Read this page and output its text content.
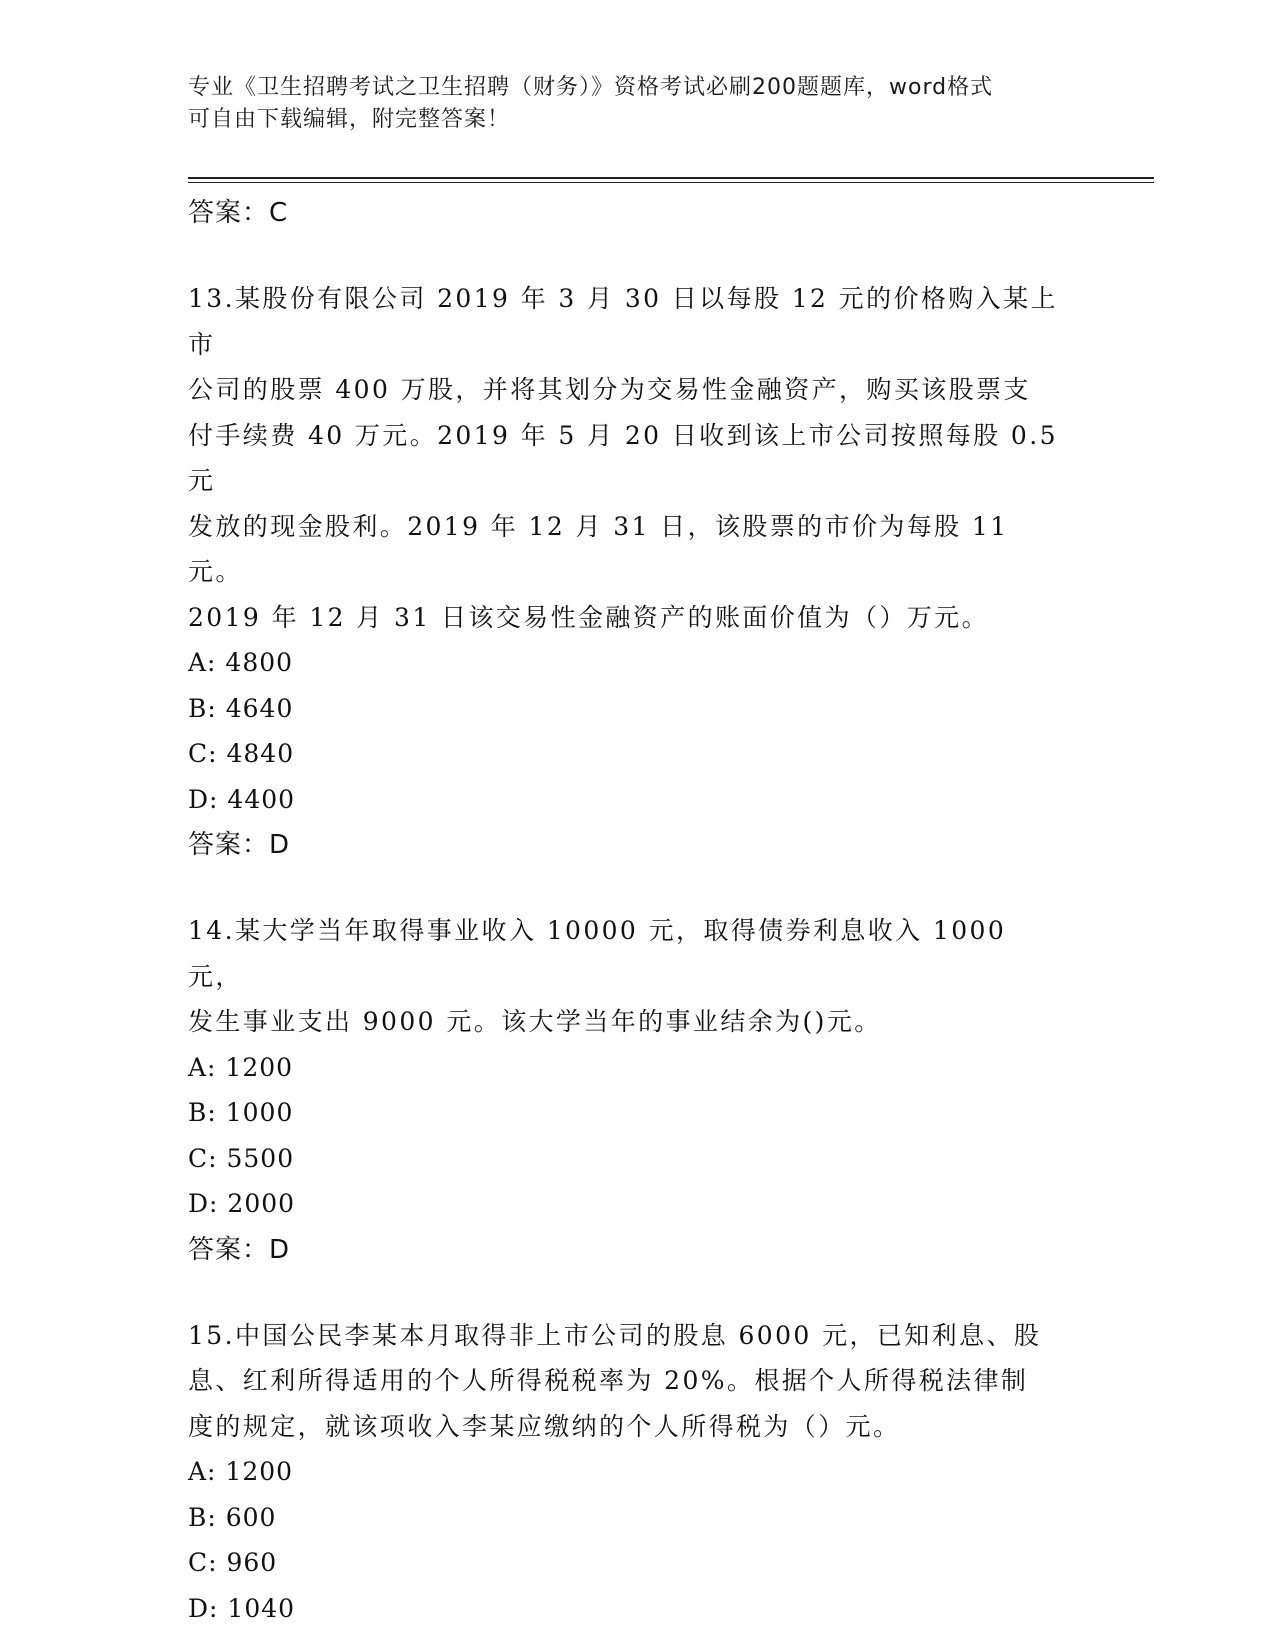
专业《卫生招聘考试之卫生招聘（财务）》资格考试必刷200题题库，word格式
可自由下载编辑，附完整答案！

答案：C

13.某股份有限公司 2019 年 3 月 30 日以每股 12 元的价格购入某上市

公司的股票 400 万股，并将其划分为交易性金融资产，购买该股票支

付手续费 40 万元。2019 年 5 月 20 日收到该上市公司按照每股 0.5 元

发放的现金股利。2019 年 12 月 31 日，该股票的市价为每股 11 元。

2019 年 12 月 31 日该交易性金融资产的账面价值为（）万元。

A: 4800

B: 4640

C: 4840

D: 4400

答案：D

14.某大学当年取得事业收入 10000 元，取得债券利息收入 1000 元，

发生事业支出 9000 元。该大学当年的事业结余为()元。

A: 1200

B: 1000

C: 5500

D: 2000

答案：D

15.中国公民李某本月取得非上市公司的股息 6000 元，已知利息、股

息、红利所得适用的个人所得税税率为 20%。根据个人所得税法律制

度的规定，就该项收入李某应缴纳的个人所得税为（）元。

A: 1200

B: 600

C: 960

D: 1040
